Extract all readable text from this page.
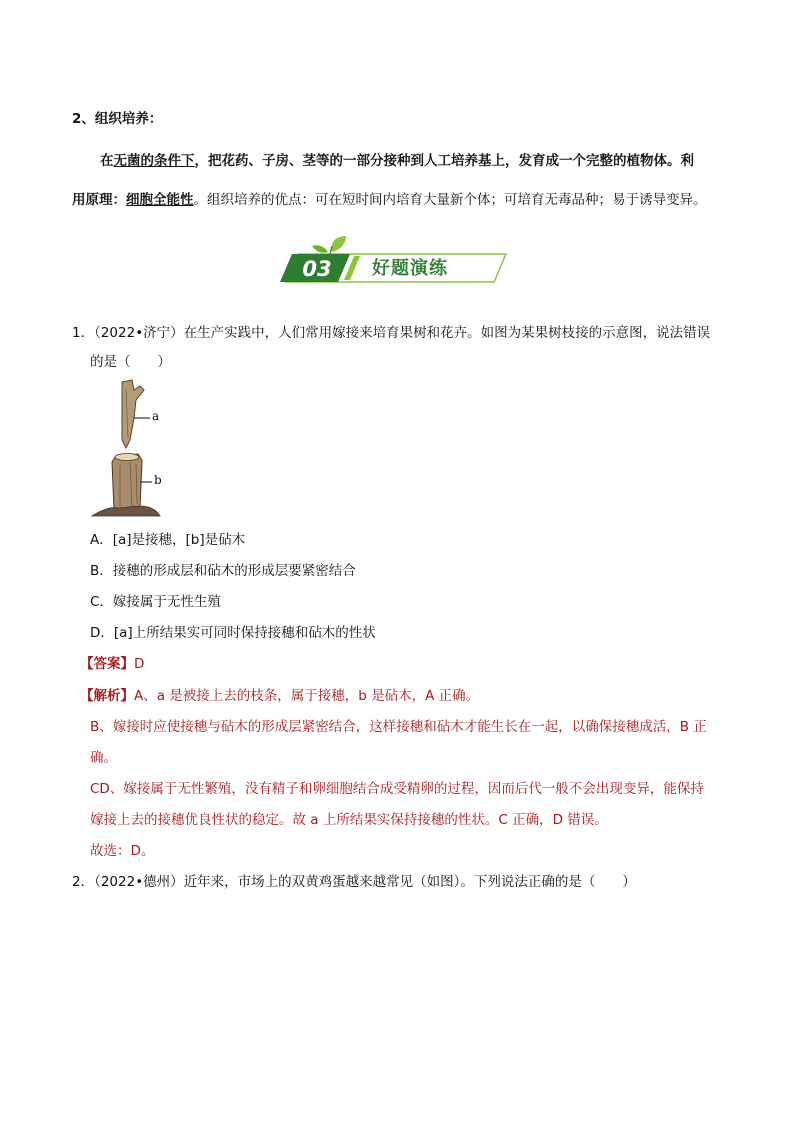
2、组织培养：
在无菌的条件下，把花药、子房、茎等的一部分接种到人工培养基上，发育成一个完整的植物体。利
用原理：细胞全能性。组织培养的优点：可在短时间内培育大量新个体；可培育无毒品种；易于诱导变异。
03	好题演练
1．（2022•济宁）在生产实践中，人们常用嫁接来培育果树和花卉。如图为某果树枝接的示意图，说法错误
的是（　　）
a
b
A．[a]是接穗，[b]是砧木
B．接穗的形成层和砧木的形成层要紧密结合
C．嫁接属于无性生殖
D．[a]上所结果实可同时保持接穗和砧木的性状
【答案】D
【解析】A、a 是被接上去的枝条，属于接穗，b 是砧木，A 正确。
B、嫁接时应使接穗与砧木的形成层紧密结合，这样接穗和砧木才能生长在一起，以确保接穗成活，B 正
确。
CD、嫁接属于无性繁殖，没有精子和卵细胞结合成受精卵的过程，因而后代一般不会出现变异，能保持
嫁接上去的接穗优良性状的稳定。故 a 上所结果实保持接穗的性状。C 正确，D 错误。
故选：D。
2．（2022•德州）近年来，市场上的双黄鸡蛋越来越常见（如图）。下列说法正确的是（　　）
